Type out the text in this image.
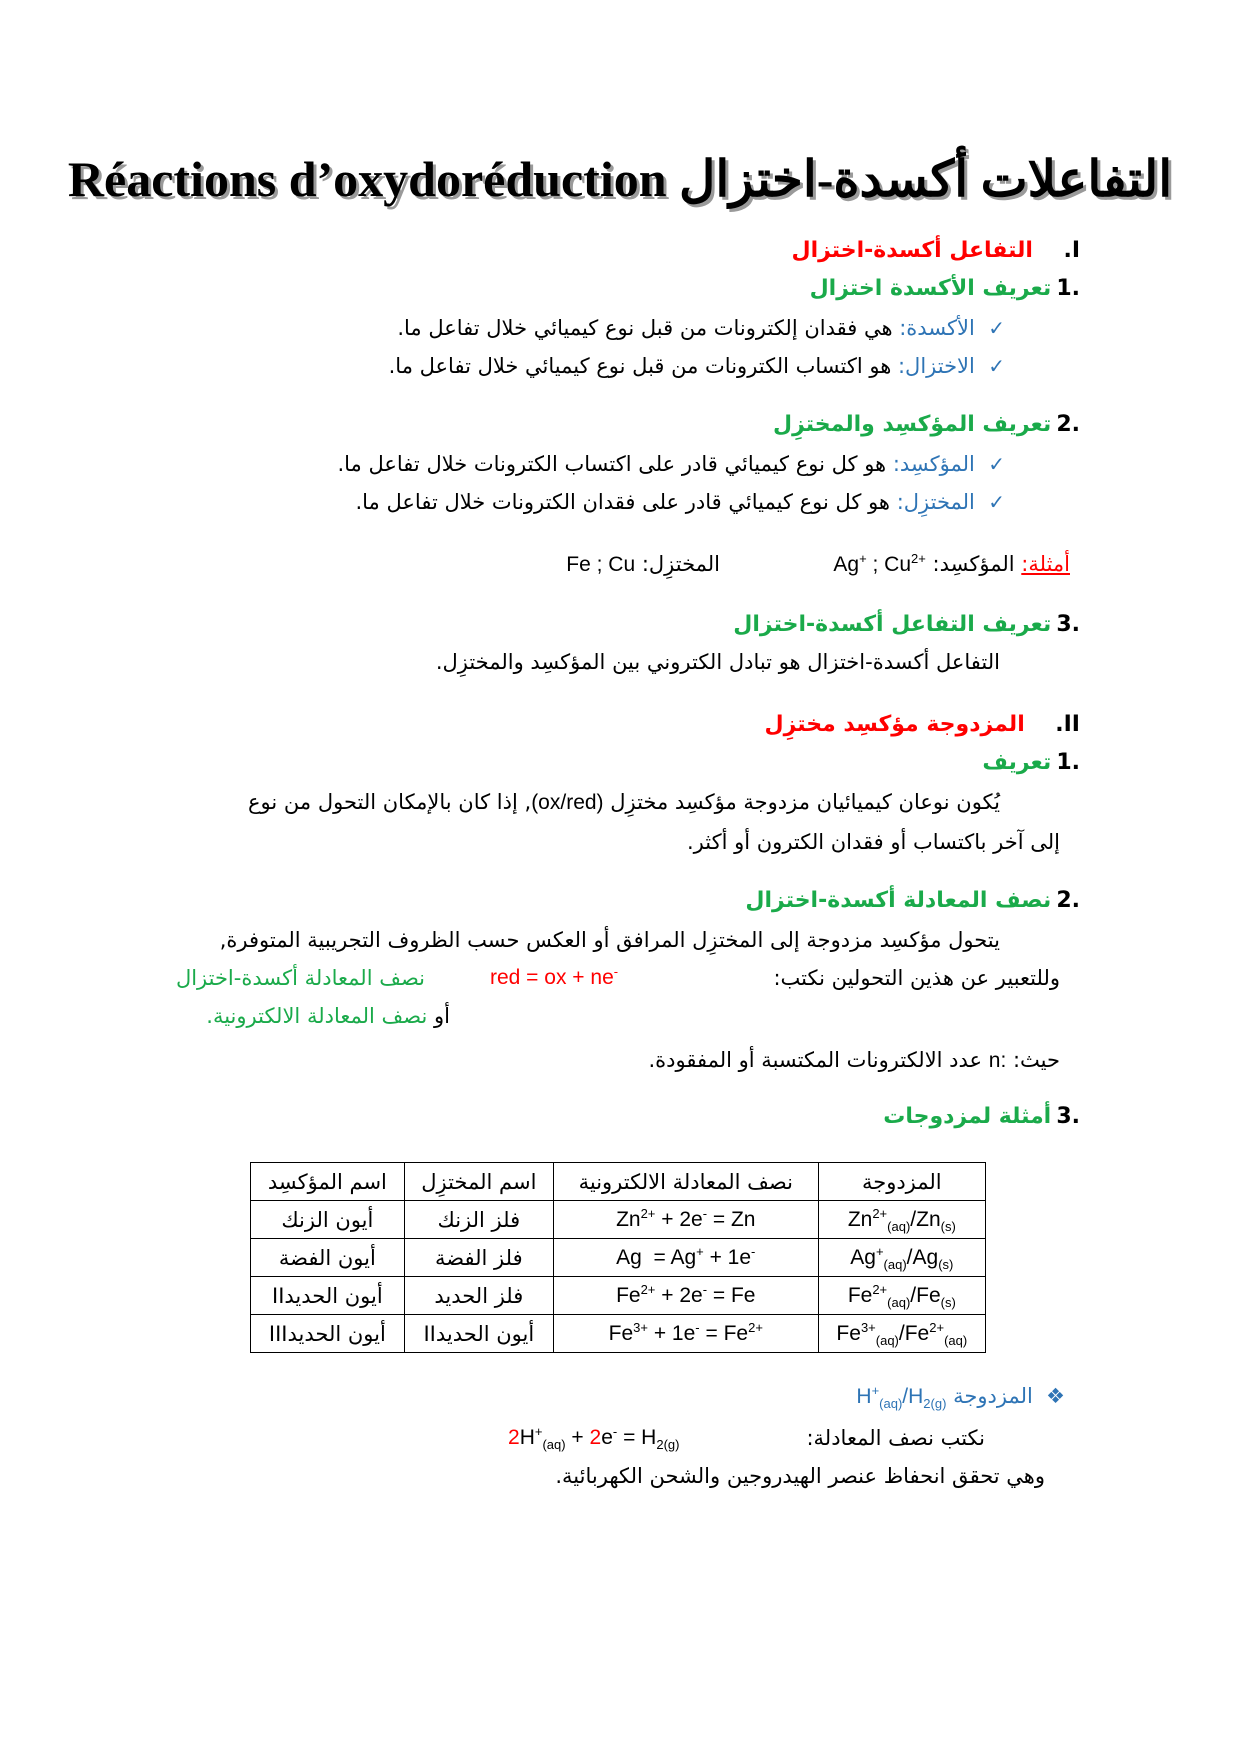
Réactions d’oxydoréduction التفاعلات أكسدة-اختزال
I.      التفاعل أكسدة-اختزال
.1 تعريف الأكسدة اختزال
✓  الأكسدة: هي فقدان إلكترونات من قبل نوع كيميائي خلال تفاعل ما.
✓  الاختزال: هو اكتساب الكترونات من قبل نوع كيميائي خلال تفاعل ما.
.2 تعريف المؤكسِد والمختزِل
✓  المؤكسِد: هو كل نوع كيميائي قادر على اكتساب الكترونات خلال تفاعل ما.
✓  المختزِل: هو كل نوع كيميائي قادر على فقدان الكترونات خلال تفاعل ما.
أمثلة: المؤكسِد: Ag+ ; $Cu^{2+}$
المختزِل: Fe ; Cu
.3 تعريف التفاعل أكسدة-اختزال
التفاعل أكسدة-اختزال هو تبادل الكتروني بين المؤكسِد والمختزِل.
II.      المزدوجة مؤكسِد مختزِل
.1 تعريف
يُكون نوعان كيميائيان مزدوجة مؤكسِد مختزِل (ox/red), إذا كان بالإمكان التحول من نوع
إلى آخر باكتساب أو فقدان الكترون أو أكثر.
.2 نصف المعادلة أكسدة-اختزال
يتحول مؤكسِد مزدوجة إلى المختزِل المرافق أو العكس حسب الظروف التجريبية المتوفرة,
وللتعبير عن هذين التحولين نكتب:
red = ox + ne-
نصف المعادلة أكسدة-اختزال
أو نصف المعادلة الالكترونية.
حيث: n: عدد الالكترونات المكتسبة أو المفقودة.
.3 أمثلة لمزدوجات
اسم المؤكسِد	اسم المختزِل	نصف المعادلة الالكترونية	المزدوجة
أيون الزنك	فلز الزنك	$Zn^{2+} + 2e^- = Zn$	$Zn^{2+}_{(aq)}/Zn_{(s)}$
أيون الفضة	فلز الفضة	Ag  = Ag+ + 1e-	$Ag^+_{(aq)}/Ag_{(s)}$
أيون الحديدII	فلز الحديد	$Fe^{2+} + 2e^- = Fe$	$Fe^{2+}_{(aq)}/Fe_{(s)}$
أيون الحديدIII	أيون الحديدII	$Fe^{3+} + 1e^- = Fe^{2+}$	$Fe^{3+}_{(aq)}/Fe^{2+}_{(aq)}$
❖  المزدوجة $H^+_{(aq)}/H_{2(g)}$
نكتب نصف المعادلة:
$2H^+_{(aq)} + 2e^- = H_{2(g)}$
وهي تحقق انحفاظ عنصر الهيدروجين والشحن الكهربائية.
